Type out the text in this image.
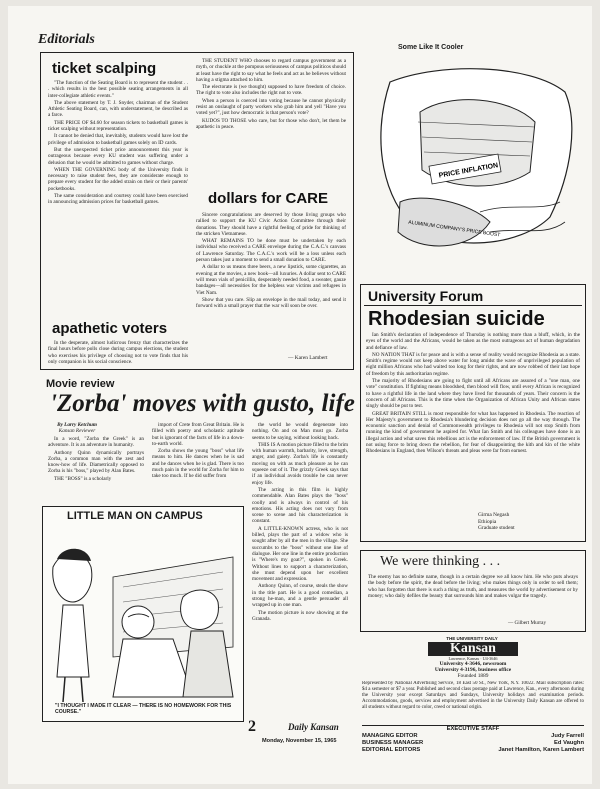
Editorials
Some Like It Cooler
ticket scalping

"The function of the Seating Board is to represent the student . . . which results in the best possible seating arrangements in all inter-collegiate athletic events."

The above statement by T. J. Snyder, chairman of the Student Athletic Seating Board, can, with understatement, be described as a farce.

THE PRICE OF $4.60 for season tickets to basketball games is ticket scalping without representation.

It cannot be denied that, inevitably, students would have lost the privilege of admission to basketball games solely on ID cards.

But the unexpected ticket price announcement this year is outrageous because every KU student was suffering under a delusion that he would be admitted to games without charge.

WHEN THE GOVERNING body of the University finds it necessary to raise student fees, they are considerate enough to prepare every student for the added strain on their or their parents' pocketbooks.

The same consideration and courtesy could have been exercised in announcing admission prices for basketball games.

apathetic voters

In the desperate, almost ludicrous frenzy that characterizes the final hours before polls close during campus elections, the student who exercises his privilege of choosing not to vote finds that his only companion is his social conscience.

THE STUDENT WHO chooses to regard campus government as a myth, or chuckle at the pompous seriousness of campus politicos should at least have the right to say what he feels and act as he believes without having a stigma attached to him.

The electorate is (we thought) supposed to have freedom of choice. The right to vote also includes the right not to vote.

When a person is coerced into voting because he cannot physically resist an onslaught of party workers who grab him and yell "Have you voted yet?", just how democratic is that person's vote?

KUDOS TO THOSE who care, but for those who don't, let them be apathetic in peace.

dollars for CARE

Sincere congratulations are deserved by those living groups who rallied to support the KU Civic Action Committee through their donations. They should have a rightful feeling of pride for thinking of the stricken Vietnamese.

WHAT REMAINS TO be done must be undertaken by each individual who received a CARE envelope during the C.A.C.'s canvass of Lawrence Saturday. The C.A.C.'s work will be a loss unless each person takes just a moment to send a small donation to CARE.

A dollar to us means three beers, a new lipstick, some cigarettes, an evening at the movies, a new book—all luxuries. A dollar sent to CARE will mean vials of penicillin, desperately needed food, a sweater, gauze bandages—all necessities for the helpless war victims and refugees in Viet Nam.

Show that you care. Slip an envelope in the mail today, and send it forward with a small prayer that the war will soon be over.

— Karen Lambert
PRICE INFLATION
ALUMINUM COMPANY'S PRICE BOOST
University Forum
Rhodesian suicide

Ian Smith's declaration of independence of Thursday is nothing more than a bluff, which, in the eyes of the world and the Africans, would be taken as the most outrageous act of human degradation and defiance of law.

NO NATION THAT is for peace and is with a sense of reality would recognize Rhodesia as a state. Smith's regime would not keep above water for long amidst the wave of unprivileged population of eight million Africans who had waited too long for their rights, and are now robbed of their last hope of freedom by this authoritarian regime.

The majority of Rhodesians are going to fight until all Africans are assured of a "one man, one vote" constitution. If fighting means bloodshed, then blood will flow, until every African is recognized to have a rightful life in the land where they have lived for thousands of years. Their concern is the concern of all Africans. This is the time when the Organization of African Unity and African states singly should be put to test.

GREAT BRITAIN STILL is most responsible for what has happened in Rhodesia. The reaction of Her Majesty's government to Rhodesia's blundering decision does not go all the way through. The economic sanction and denial of Commonwealth privileges to Rhodesia will not stop Smith from running the kind of government he aspired for. What Ian Smith and his colleagues have done is an illegal action and what saves this rebellious act is the enforcement of law. If the British government is not using force to bring down the rebellion, for fear of disappointing the kith and kin of the white Rhodesians in England, then Wilson's threats and pleas were far from earnest.

Girma Negash
Ethiopia
Graduate student
We were thinking . . .
The enemy has no definite name, though in a certain degree we all know him. He who puts always the body before the spirit, the dead before the living; who makes things only in order to sell them; who has forgotten that there is such a thing as truth, and measures the world by advertisement or by money; who daily defiles the beauty that surrounds him and makes vulgar the tragedy.
— Gilbert Murray
THE UNIVERSITY DAILY
Kansan
Lawrence, Kansas · U4-3646
University 4-3646, newsroom
University 4-3196, business office
Founded 1889
Represented by National Advertising Service, 18 East 50 St., New York, N.Y. 10022. Mail subscription rates: $4 a semester or $7 a year. Published and second class postage paid at Lawrence, Kan., every afternoon during the University year except Saturdays and Sundays, University holidays and examination periods. Accommodations, goods, services and employment advertised in the University Daily Kansan are offered to all students without regard to color, creed or national origin.
EXECUTIVE STAFF
MANAGING EDITOR	Judy Farrell
BUSINESS MANAGER	Ed Vaughn
EDITORIAL EDITORS	Janet Hamilton, Karen Lambert
Movie review
'Zorba' moves with gusto, life
By Larry Ketchum
Kansan Reviewer

In a word, "Zorba the Greek" is an adventure. It is an adventure in humanity.

Anthony Quinn dynamically portrays Zorba, a common man with the zest and know-how of life. Diametrically opposed to Zorba is his "boss," played by Alan Bates.

THE "BOSS" is a scholarly

import of Crete from Great Britain. He is filled with poetry and scholastic aptitude but is ignorant of the facts of life in a down-to-earth world.

Zorba shows the young "boss" what life means to him. He dances when he is sad and he dances when he is glad. There is too much pain in the world for Zorba for him to take too much. If he did suffer from

the world he would degenerate into nothing. On and on Man must go. Zorba seems to be saying, without looking back.

THIS IS A motion picture filled to the brim with human warmth, barbarity, love, strength, anger, and gaiety. Zorba's life is constantly moving on with as much pleasure as he can squeeze out of it. The grizzly Greek says that if an individual avoids trouble he can never enjoy life.

The acting in this film is highly commendable. Alan Bates plays the "boss" coolly and is always in control of his emotions. His acting does not vary from scene to scene and his characterization is constant.

A LITTLE-KNOWN actress, who is not billed, plays the part of a widow who is sought after by all the men in the village. She succumbs to the "boss" without one line of dialogue. Her one line in the entire production is "Where's my goat?", spoken in Greek. Without lines to support a characterization, she must depend upon her excellent movement and expression.

Anthony Quinn, of course, steals the show in the title part. He is a good comedian, a strong he-man, and a gentle persuader all wrapped up in one man.

The motion picture is now showing at the Granada.

LITTLE MAN ON CAMPUS
"I THOUGHT I MADE IT CLEAR — THERE IS NO HOMEWORK FOR THIS COURSE."
2	Daily Kansan
Monday, November 15, 1965
